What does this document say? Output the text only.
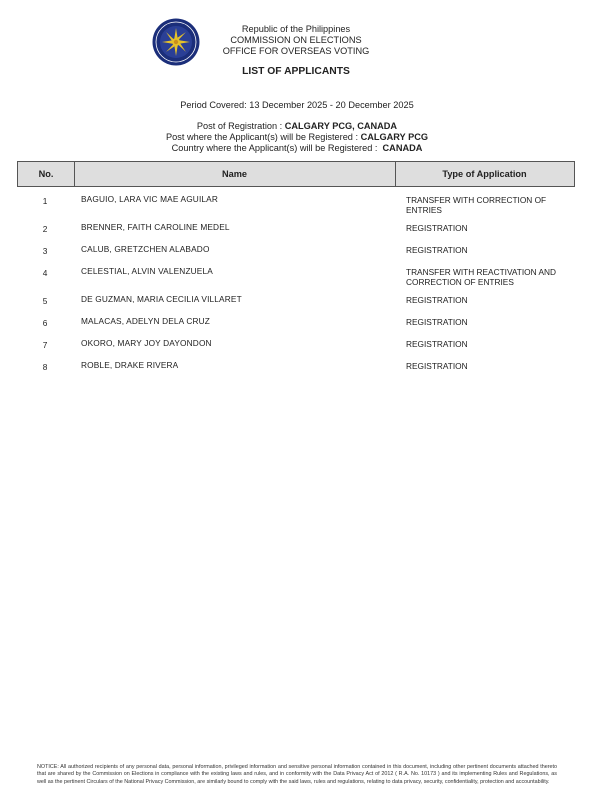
Republic of the Philippines
COMMISSION ON ELECTIONS
OFFICE FOR OVERSEAS VOTING
LIST OF APPLICANTS
Period Covered: 13 December 2025 - 20 December 2025
Post of Registration : CALGARY PCG, CANADA
Post where the Applicant(s) will be Registered : CALGARY PCG
Country where the Applicant(s) will be Registered : CANADA
No.	Name	Type of Application
1	BAGUIO, LARA VIC MAE AGUILAR	TRANSFER WITH CORRECTION OF ENTRIES
2	BRENNER, FAITH CAROLINE MEDEL	REGISTRATION
3	CALUB, GRETZCHEN ALABADO	REGISTRATION
4	CELESTIAL, ALVIN VALENZUELA	TRANSFER WITH REACTIVATION AND CORRECTION OF ENTRIES
5	DE GUZMAN, MARIA CECILIA VILLARET	REGISTRATION
6	MALACAS, ADELYN DELA CRUZ	REGISTRATION
7	OKORO, MARY JOY DAYONDON	REGISTRATION
8	ROBLE, DRAKE RIVERA	REGISTRATION
NOTICE: All authorized recipients of any personal data, personal information, privileged information and sensitive personal information contained in this document, including other pertinent documents attached thereto that are shared by the Commission on Elections in compliance with the existing laws and rules, and in conformity with the Data Privacy Act of 2012 ( R.A. No. 10173 ) and its implementing Rules and Regulations, as well as the pertinent Circulars of the National Privacy Commission, are similarly bound to comply with the said laws, rules and regulations, relating to data privacy, security, confidentiality, protection and accountability.
